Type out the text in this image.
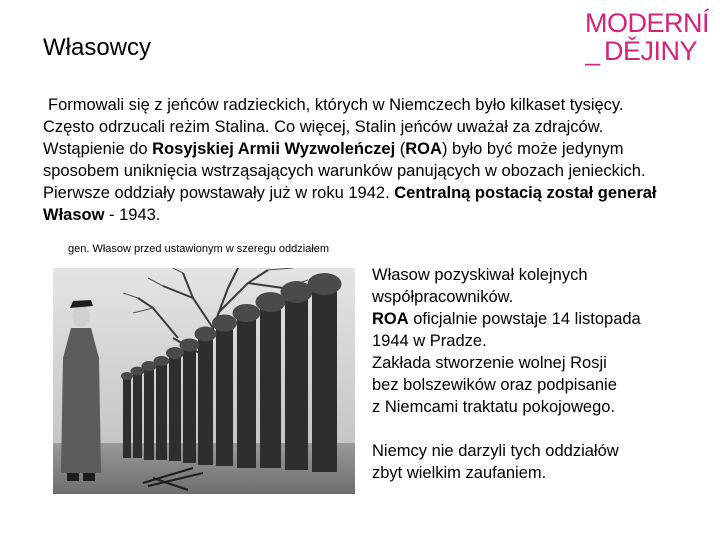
MODERNÍ
_ DĚJINY
Własowcy

Formowali się z jeńców radzieckich, których w Niemczech było kilkaset tysięcy.

Często odrzucali reżim Stalina. Co więcej, Stalin jeńców uważał za zdrajców.

Wstąpienie do Rosyjskiej Armii Wyzwoleńczej (ROA) było być może jedynym

sposobem uniknięcia wstrząsających warunków panujących w obozach jenieckich.

Pierwsze oddziały powstawały już w roku 1942. Centralną postacią został generał

Własow - 1943.

gen. Własow przed ustawionym w szeregu oddziałem

Własow pozyskiwał kolejnych

współpracowników.

ROA oficjalnie powstaje 14 listopada

1944 w Pradze.

Zakłada stworzenie wolnej Rosji

bez bolszewików oraz podpisanie

z Niemcami traktatu pokojowego.

Niemcy nie darzyli tych oddziałów

zbyt wielkim zaufaniem.
